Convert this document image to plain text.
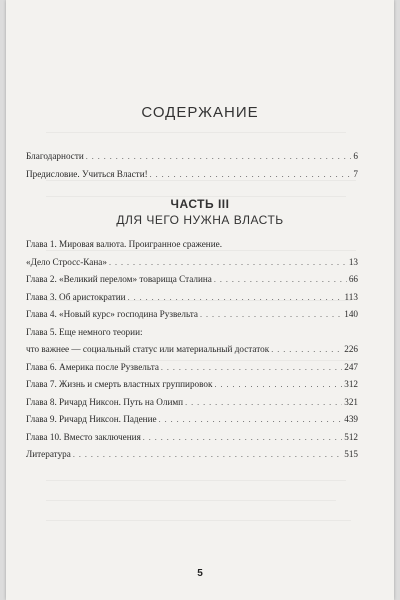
СОДЕРЖАНИЕ
Благодарности . . .	6
Предисловие. Учиться Власти! . . .	7
ЧАСТЬ III
ДЛЯ ЧЕГО НУЖНА ВЛАСТЬ
Глава 1. Мировая валюта. Проигранное сражение.
«Дело Стросс-Кана» . . .	13
Глава 2. «Великий перелом» товарища Сталина . . .	66
Глава 3. Об аристократии . . .	113
Глава 4. «Новый курс» господина Рузвельта . . .	140
Глава 5. Еще немного теории:
что важнее — социальный статус или материальный достаток . . .	226
Глава 6. Америка после Рузвельта . . .	247
Глава 7. Жизнь и смерть властных группировок . . .	312
Глава 8. Ричард Никсон. Путь на Олимп . . .	321
Глава 9. Ричард Никсон. Падение . . .	439
Глава 10. Вместо заключения . . .	512
Литература . . .	515
5
